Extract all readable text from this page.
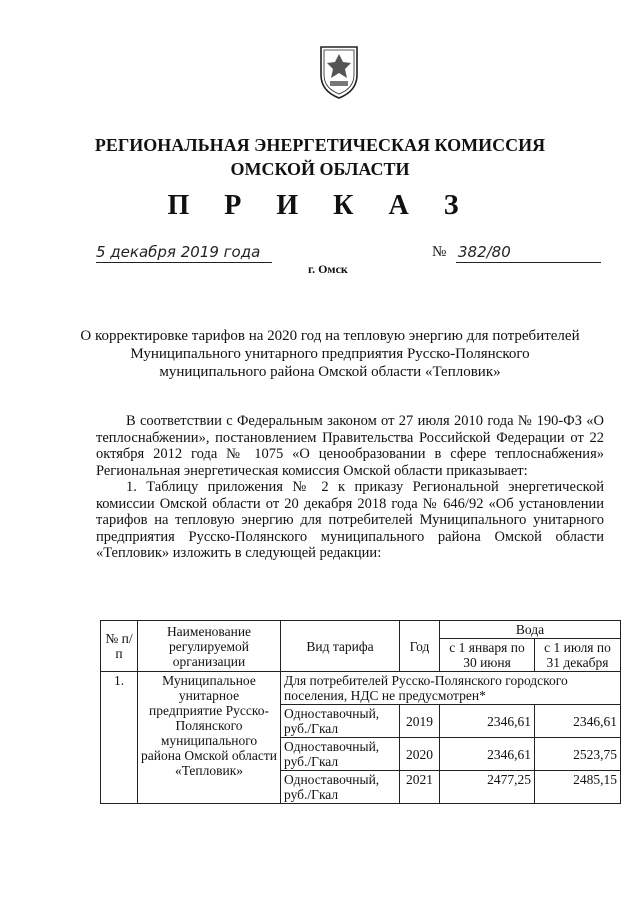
РЕГИОНАЛЬНАЯ ЭНЕРГЕТИЧЕСКАЯ КОМИССИЯ
ОМСКОЙ ОБЛАСТИ
П Р И К А З
5 декабря 2019 года	№ 382/80
г. Омск
О корректировке тарифов на 2020 год на тепловую энергию для потребителей
Муниципального унитарного предприятия Русско-Полянского
муниципального района Омской области «Тепловик»

В соответствии с Федеральным законом от 27 июля 2010 года № 190-ФЗ «О теплоснабжении», постановлением Правительства Российской Федерации от 22 октября 2012 года № 1075 «О ценообразовании в сфере теплоснабжения» Региональная энергетическая комиссия Омской области приказывает:

1. Таблицу приложения № 2 к приказу Региональной энергетической комиссии Омской области от 20 декабря 2018 года № 646/92 «Об установлении тарифов на тепловую энергию для потребителей Муниципального унитарного предприятия Русско-Полянского муниципального района Омской области «Тепловик» изложить в следующей редакции:

№ п/п	Наименование регулируемой организации	Вид тарифа	Год	Вода	
				с 1 января по 30 июня	с 1 июля по 31 декабря
1.	Муниципальное унитарное предприятие Русско-Полянского муниципального района Омской области «Тепловик»	Для потребителей Русско-Полянского городского поселения, НДС не предусмотрен*			
		Одноставочный, руб./Гкал	2019	2346,61	2346,61
		Одноставочный, руб./Гкал	2020	2346,61	2523,75
		Одноставочный, руб./Гкал	2021	2477,25	2485,15
